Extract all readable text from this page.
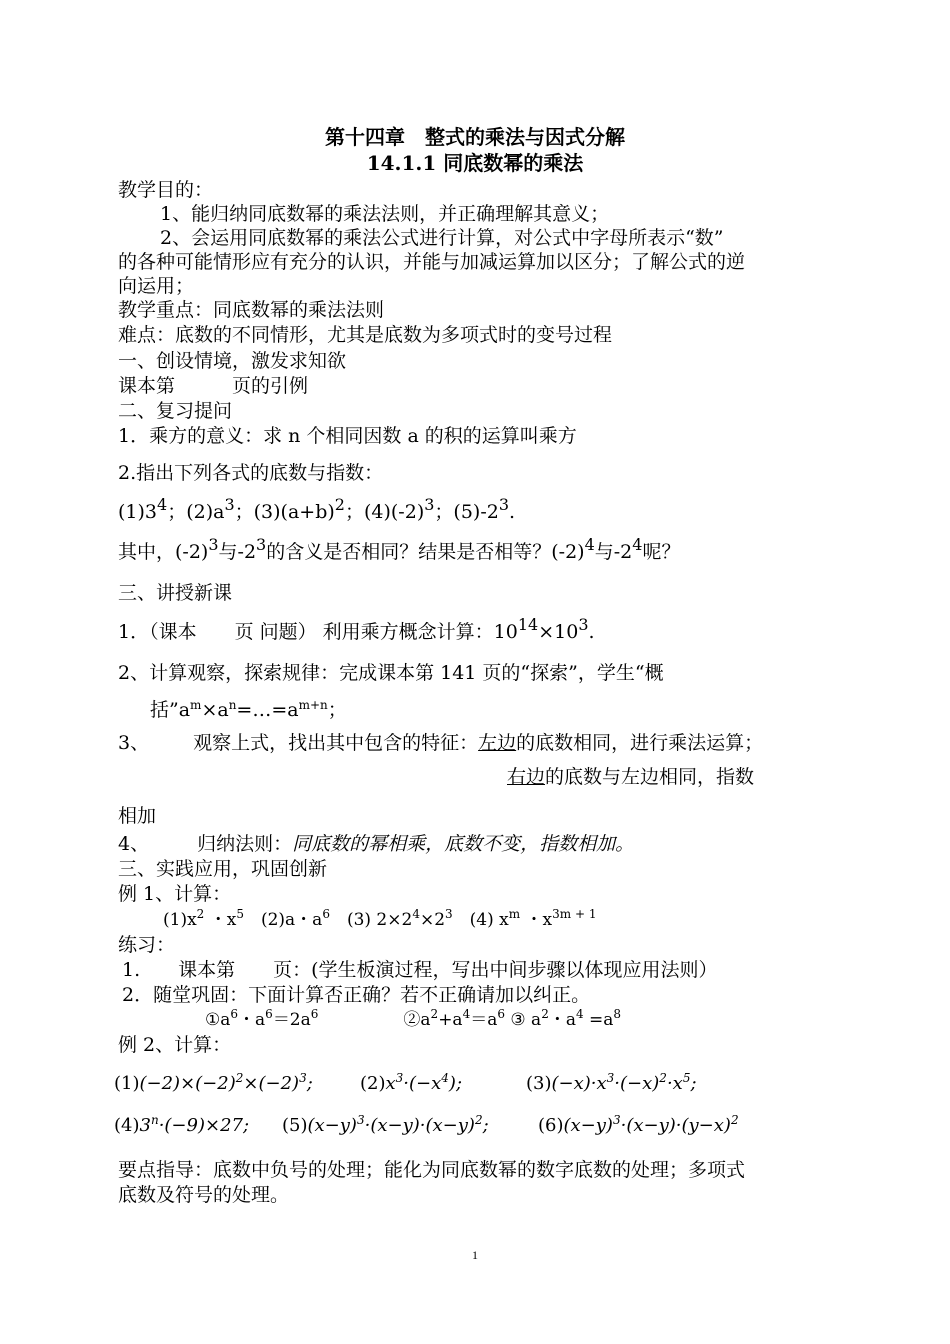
第十四章　整式的乘法与因式分解
14.1.1 同底数幂的乘法
教学目的：
1、能归纳同底数幂的乘法法则，并正确理解其意义；
2、会运用同底数幂的乘法公式进行计算，对公式中字母所表示“数”
的各种可能情形应有充分的认识，并能与加减运算加以区分；了解公式的逆
向运用；
教学重点：同底数幂的乘法法则
难点：底数的不同情形，尤其是底数为多项式时的变号过程
一、创设情境，激发求知欲
课本第　　　页的引例
二、复习提问
1．乘方的意义：求 n 个相同因数 a 的积的运算叫乘方
2.指出下列各式的底数与指数：
$(1)3^4$；$(2)a^3$；$(3)(a+b)^2$；$(4)(-2)^3$；$(5)-2^3$.
其中，$(-2)^3$与$-2^3$的含义是否相同？结果是否相等？$(-2)^4$与$-2^4$呢？
三、讲授新课
1．（课本　　页 问题） 利用乘方概念计算：$10^{14}\times 10^3$.
2、计算观察，探索规律：完成课本第 141 页的“探索”，学生“概
括$”a^m\times a^n=\dots=a^{m+n}$；
3、 观察上式，找出其中包含的特征：左边的底数相同，进行乘法运算；
右边的底数与左边相同，指数
相加
4、	归纳法则：同底数的幂相乘，底数不变，指数相加。
三、实践应用，巩固创新
例 1、计算：
$(1)x^2$ ・$x^5$　(2)a・$a^6$　(3) $2\times 2^4\times 2^3$　(4) $x^m$ ・$x^{3m + 1}$
练习：
1.　　课本第　　页：(学生板演过程，写出中间步骤以体现应用法则）
2．随堂巩固：下面计算否正确？若不正确请加以纠正。
$①a^6$・$a^6=2a^6$　　　　　$②a^2+a^4=a^6$ ③ $a^2$・$a^4 =a^8$
例 2、计算：
$(1)(-2)\times(-2)^2\times(-2)^3$;	$(2)x^3\cdot(-x^4)$;	$(3)(-x)\cdot x^3\cdot(-x)^2\cdot x^5$;
$(4)3^n\cdot(-9)\times 27$; $(5)(x-y)^3\cdot(x-y)\cdot(x-y)^2$;	$(6)(x-y)^3\cdot(x-y)\cdot(y-x)^2$
要点指导：底数中负号的处理；能化为同底数幂的数字底数的处理；多项式
底数及符号的处理。
1
